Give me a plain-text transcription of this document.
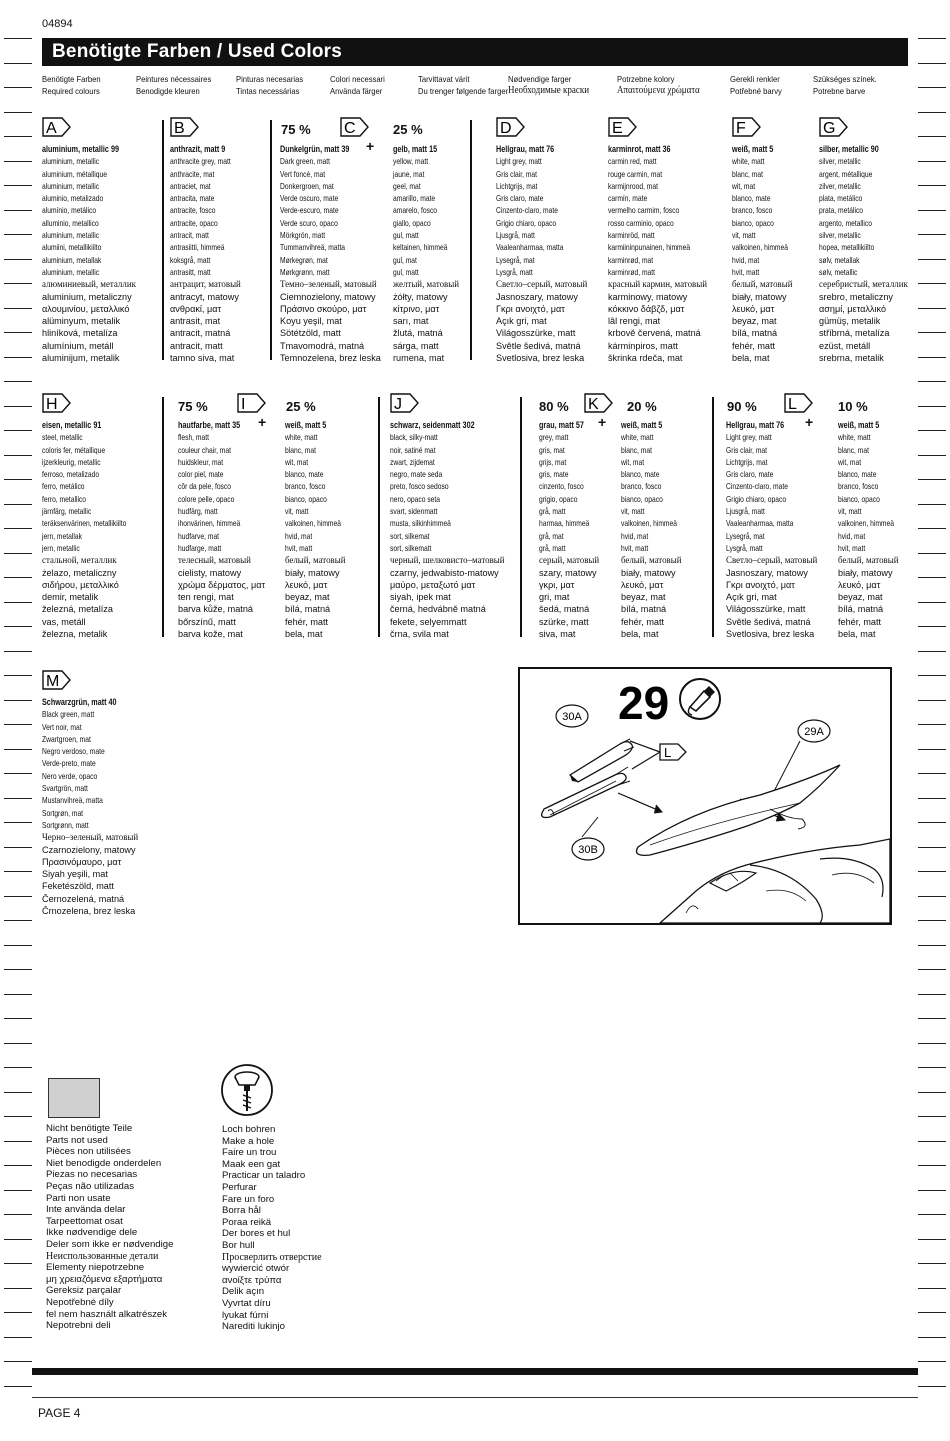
04894
Benötigte Farben / Used Colors
Benötigte Farben
Required colours
Peintures nécessaires
Benodigde kleuren
Pinturas necesarias
Tintas necessárias
Colori necessari
Använda färger
Tarvittavat värit
Du trenger følgende farger
Nødvendige farger
Необходимые краски
Potrzebne kolory
Απαιτούμενα χρώματα
Gerekli renkler
Potřebné barvy
Szükséges színek.
Potrebne barve
A
aluminium, metallic 99
aluminium, metallic
aluminium, métallique
aluminium, metallic
aluminio, metalizado
alumínio, metálico
alluminio, metallico
aluminium, metallic
alumiini, metallikiilto
aluminium, metallak
aluminium, metallic
алюминиевый, металлик
aluminium, metaliczny
αλουμινίου, μεταλλικό
alüminyum, metalik
hliníková, metalíza
alumínium, metáll
aluminijum, metalik
B
anthrazit, matt 9
anthracite grey, matt
anthracite, mat
antraciet, mat
antracita, mate
antracite, fosco
antracite, opaco
antracit, matt
antrasiitti, himmeä
koksgrå, matt
antrasitt, matt
антрацит, матовый
antracyt, matowy
ανθρακί, ματ
antrasit, mat
antracit, matná
antracit, matt
tamno siva, mat
75 %
Dunkelgrün, matt 39
Dark green, matt
Vert foncé, mat
Donkergroen, mat
Verde oscuro, mate
Verde-escuro, mate
Verde scuro, opaco
Mörkgrön, matt
Tummanvihreä, matta
Mørkegrøn, mat
Mørkgrønn, matt
Темно–зеленый, матовый
Ciemnozielony, matowy
Πράσινο σκούρο, ματ
Koyu yeşil, mat
Sötétzöld, matt
Tmavomodrá, matná
Temnozelena, brez leska
+
C	25 %
gelb, matt 15
yellow, matt
jaune, mat
geel, mat
amarillo, mate
amarelo, fosco
giallo, opaco
gul, matt
keltainen, himmeä
gul, mat
gul, matt
желтый, матовый
żółty, matowy
κίτρινο, ματ
sarı, mat
žlutá, matná
sárga, matt
rumena, mat
D
Hellgrau, matt 76
Light grey, matt
Gris clair, mat
Lichtgrijs, mat
Gris claro, mate
Cinzento-claro, mate
Grigio chiaro, opaco
Ljusgrå, matt
Vaaleanharmaa, matta
Lysegrå, mat
Lysgrå, matt
Светло–серый, матовый
Jasnoszary, matowy
Γκρι ανοιχτό, ματ
Açık gri, mat
Világosszürke, matt
Světle šedivá, matná
Svetlosiva, brez leska
E
karminrot, matt 36
carmin red, matt
rouge carmin, mat
karmijnrood, mat
carmín, mate
vermelho carmim, fosco
rosso carminio, opaco
karminröd, matt
karmiininpunainen, himmeä
karminrød, mat
karminrød, matt
красный кармин, матовый
karminowy, matowy
κόκκινο δάβζδ, ματ
lâl rengi, mat
krbově červená, matná
kárminpiros, matt
škrinka rdeča, mat
F
weiß, matt 5
white, matt
blanc, mat
wit, mat
blanco, mate
branco, fosco
bianco, opaco
vit, matt
valkoinen, himmeä
hvid, mat
hvit, matt
белый, матовый
biały, matowy
λευκό, ματ
beyaz, mat
bílá, matná
fehér, matt
bela, mat
G
silber, metallic 90
silver, metallic
argent, métallique
zilver, metallic
plata, metálico
prata, metálico
argento, metallico
silver, metallic
hopea, metallikiilto
sølv, metallak
sølv, metallic
серебристый, металлик
srebro, metaliczny
ασημί, μεταλλικό
gümüş, metalik
stříbrná, metalíza
ezüst, metáll
srebrna, metalik
H
eisen, metallic 91
steel, metallic
coloris fer, métallique
ijzerkleurig, metallic
ferroso, metalizado
ferro, metálico
ferro, metallico
järnfärg, metallic
teräksenvärinen, metallikiilto
jern, metallak
jern, metallic
стальной, металлик
żelazo, metaliczny
σιδήρου, μεταλλικό
demir, metalik
železná, metalíza
vas, metáll
železna, metalik
75 %
hautfarbe, matt 35
flesh, matt
couleur chair, mat
huidskleur, mat
color piel, mate
côr da pele, fosco
colore pelle, opaco
hudfärg, matt
ihonvärinen, himmeä
hudfarve, mat
hudfarge, matt
телесный, матовый
cielisty, matowy
χρώμα δέρματος, ματ
ten rengi, mat
barva kůže, matná
bőrszínű, matt
barva kože, mat
+
I	25 %
weiß, matt 5
white, matt
blanc, mat
wit, mat
blanco, mate
branco, fosco
bianco, opaco
vit, matt
valkoinen, himmeä
hvid, mat
hvit, matt
белый, матовый
biały, matowy
λευκό, ματ
beyaz, mat
bílá, matná
fehér, matt
bela, mat
J
schwarz, seidenmatt 302
black, silky-matt
noir, satiné mat
zwart, zijdemat
negro, mate seda
preto, fosco sedoso
nero, opaco seta
svart, sidenmatt
musta, silkinhimmeä
sort, silkemat
sort, silkematt
черный, шелковисто–матовый
czarny, jedwabisto-matowy
μαύρο, μεταξωτό ματ
siyah, ipek mat
černá, hedvábně matná
fekete, selyemmatt
črna, svila mat
80 %
grau, matt 57
grey, matt
gris, mat
grijs, mat
gris, mate
cinzento, fosco
grigio, opaco
grå, matt
harmaa, himmeä
grå, mat
grå, matt
серый, матовый
szary, matowy
γκρι, ματ
gri, mat
šedá, matná
szürke, matt
siva, mat
+
K 20 %
weiß, matt 5
white, matt
blanc, mat
wit, mat
blanco, mate
branco, fosco
bianco, opaco
vit, matt
valkoinen, himmeä
hvid, mat
hvit, matt
белый, матовый
biały, matowy
λευκό, ματ
beyaz, mat
bílá, matná
fehér, matt
bela, mat
90 %
Hellgrau, matt 76
Light grey, matt
Gris clair, mat
Lichtgrijs, mat
Gris claro, mate
Cinzento-claro, mate
Grigio chiaro, opaco
Ljusgrå, matt
Vaaleanharmaa, matta
Lysegrå, mat
Lysgrå, matt
Светло–серый, матовый
Jasnoszary, matowy
Γκρι ανοιχτό, ματ
Açık gri, mat
Világosszürke, matt
Světle šedivá, matná
Svetlosiva, brez leska
+
L	10 %
weiß, matt 5
white, matt
blanc, mat
wit, mat
blanco, mate
branco, fosco
bianco, opaco
vit, matt
valkoinen, himmeä
hvid, mat
hvit, matt
белый, матовый
biały, matowy
λευκό, ματ
beyaz, mat
bílá, matná
fehér, matt
bela, mat
M
Schwarzgrün, matt 40
Black green, matt
Vert noir, mat
Zwartgroen, mat
Negro verdoso, mate
Verde-preto, mate
Nero verde, opaco
Svartgrön, matt
Mustanvihreä, matta
Sortgrøn, mat
Sortgrønn, matt
Черно–зеленый, матовый
Czarnozielony, matowy
Πρασινόμαυρο, ματ
Siyah yeşili, mat
Feketészöld, matt
Černozelená, matná
Črnozelena, brez leska
29
30A
29A
30B
L
Nicht benötigte Teile
Parts not used
Pièces non utilisées
Niet benodigde onderdelen
Piezas no necesarias
Peças não utilizadas
Parti non usate
Inte använda delar
Tarpeettomat osat
Ikke nødvendige dele
Deler som ikke er nødvendige
Неиспользованные детали
Elementy niepotrzebne
μη χρειαζόμενα εξαρτήματα
Gereksiz parçalar
Nepotřebné díly
fel nem használt alkatrészek
Nepotrebni deli
Loch bohren
Make a hole
Faire un trou
Maak een gat
Practicar un taladro
Perfurar
Fare un foro
Borra hål
Poraa reikä
Der bores et hul
Bor hull
Просверлить отверстие
wywiercić otwór
ανοίξτε τρύπα
Delik açın
Vyvrtat díru
lyukat fúrni
Narediti lukinjo
PAGE 4
